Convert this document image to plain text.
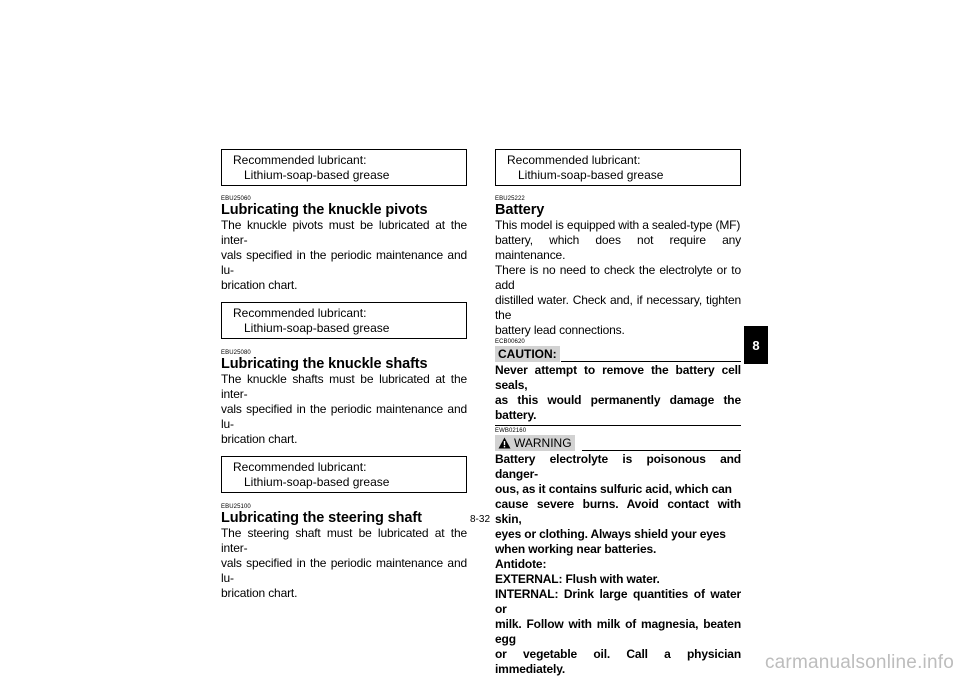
Recommended lubricant:
Lithium-soap-based grease
EBU25060
Lubricating the knuckle pivots

The knuckle pivots must be lubricated at the inter-
vals specified in the periodic maintenance and lu-
brication chart.

Recommended lubricant:
Lithium-soap-based grease
EBU25080
Lubricating the knuckle shafts

The knuckle shafts must be lubricated at the inter-
vals specified in the periodic maintenance and lu-
brication chart.

Recommended lubricant:
Lithium-soap-based grease
EBU25100
Lubricating the steering shaft

The steering shaft must be lubricated at the inter-
vals specified in the periodic maintenance and lu-
brication chart.

Recommended lubricant:
Lithium-soap-based grease
EBU25222
Battery

This model is equipped with a sealed-type (MF)
battery, which does not require any maintenance.
There is no need to check the electrolyte or to add
distilled water. Check and, if necessary, tighten the
battery lead connections.

ECB00620
CAUTION:

Never attempt to remove the battery cell seals,
as this would permanently damage the battery.

EWB02160
WARNING

Battery electrolyte is poisonous and danger-
ous, as it contains sulfuric acid, which can
cause severe burns. Avoid contact with skin,
eyes or clothing. Always shield your eyes
when working near batteries.
Antidote:
EXTERNAL: Flush with water.
INTERNAL: Drink large quantities of water or
milk. Follow with milk of magnesia, beaten egg
or vegetable oil. Call a physician immediately.

8
8-32
carmanualsonline.info
